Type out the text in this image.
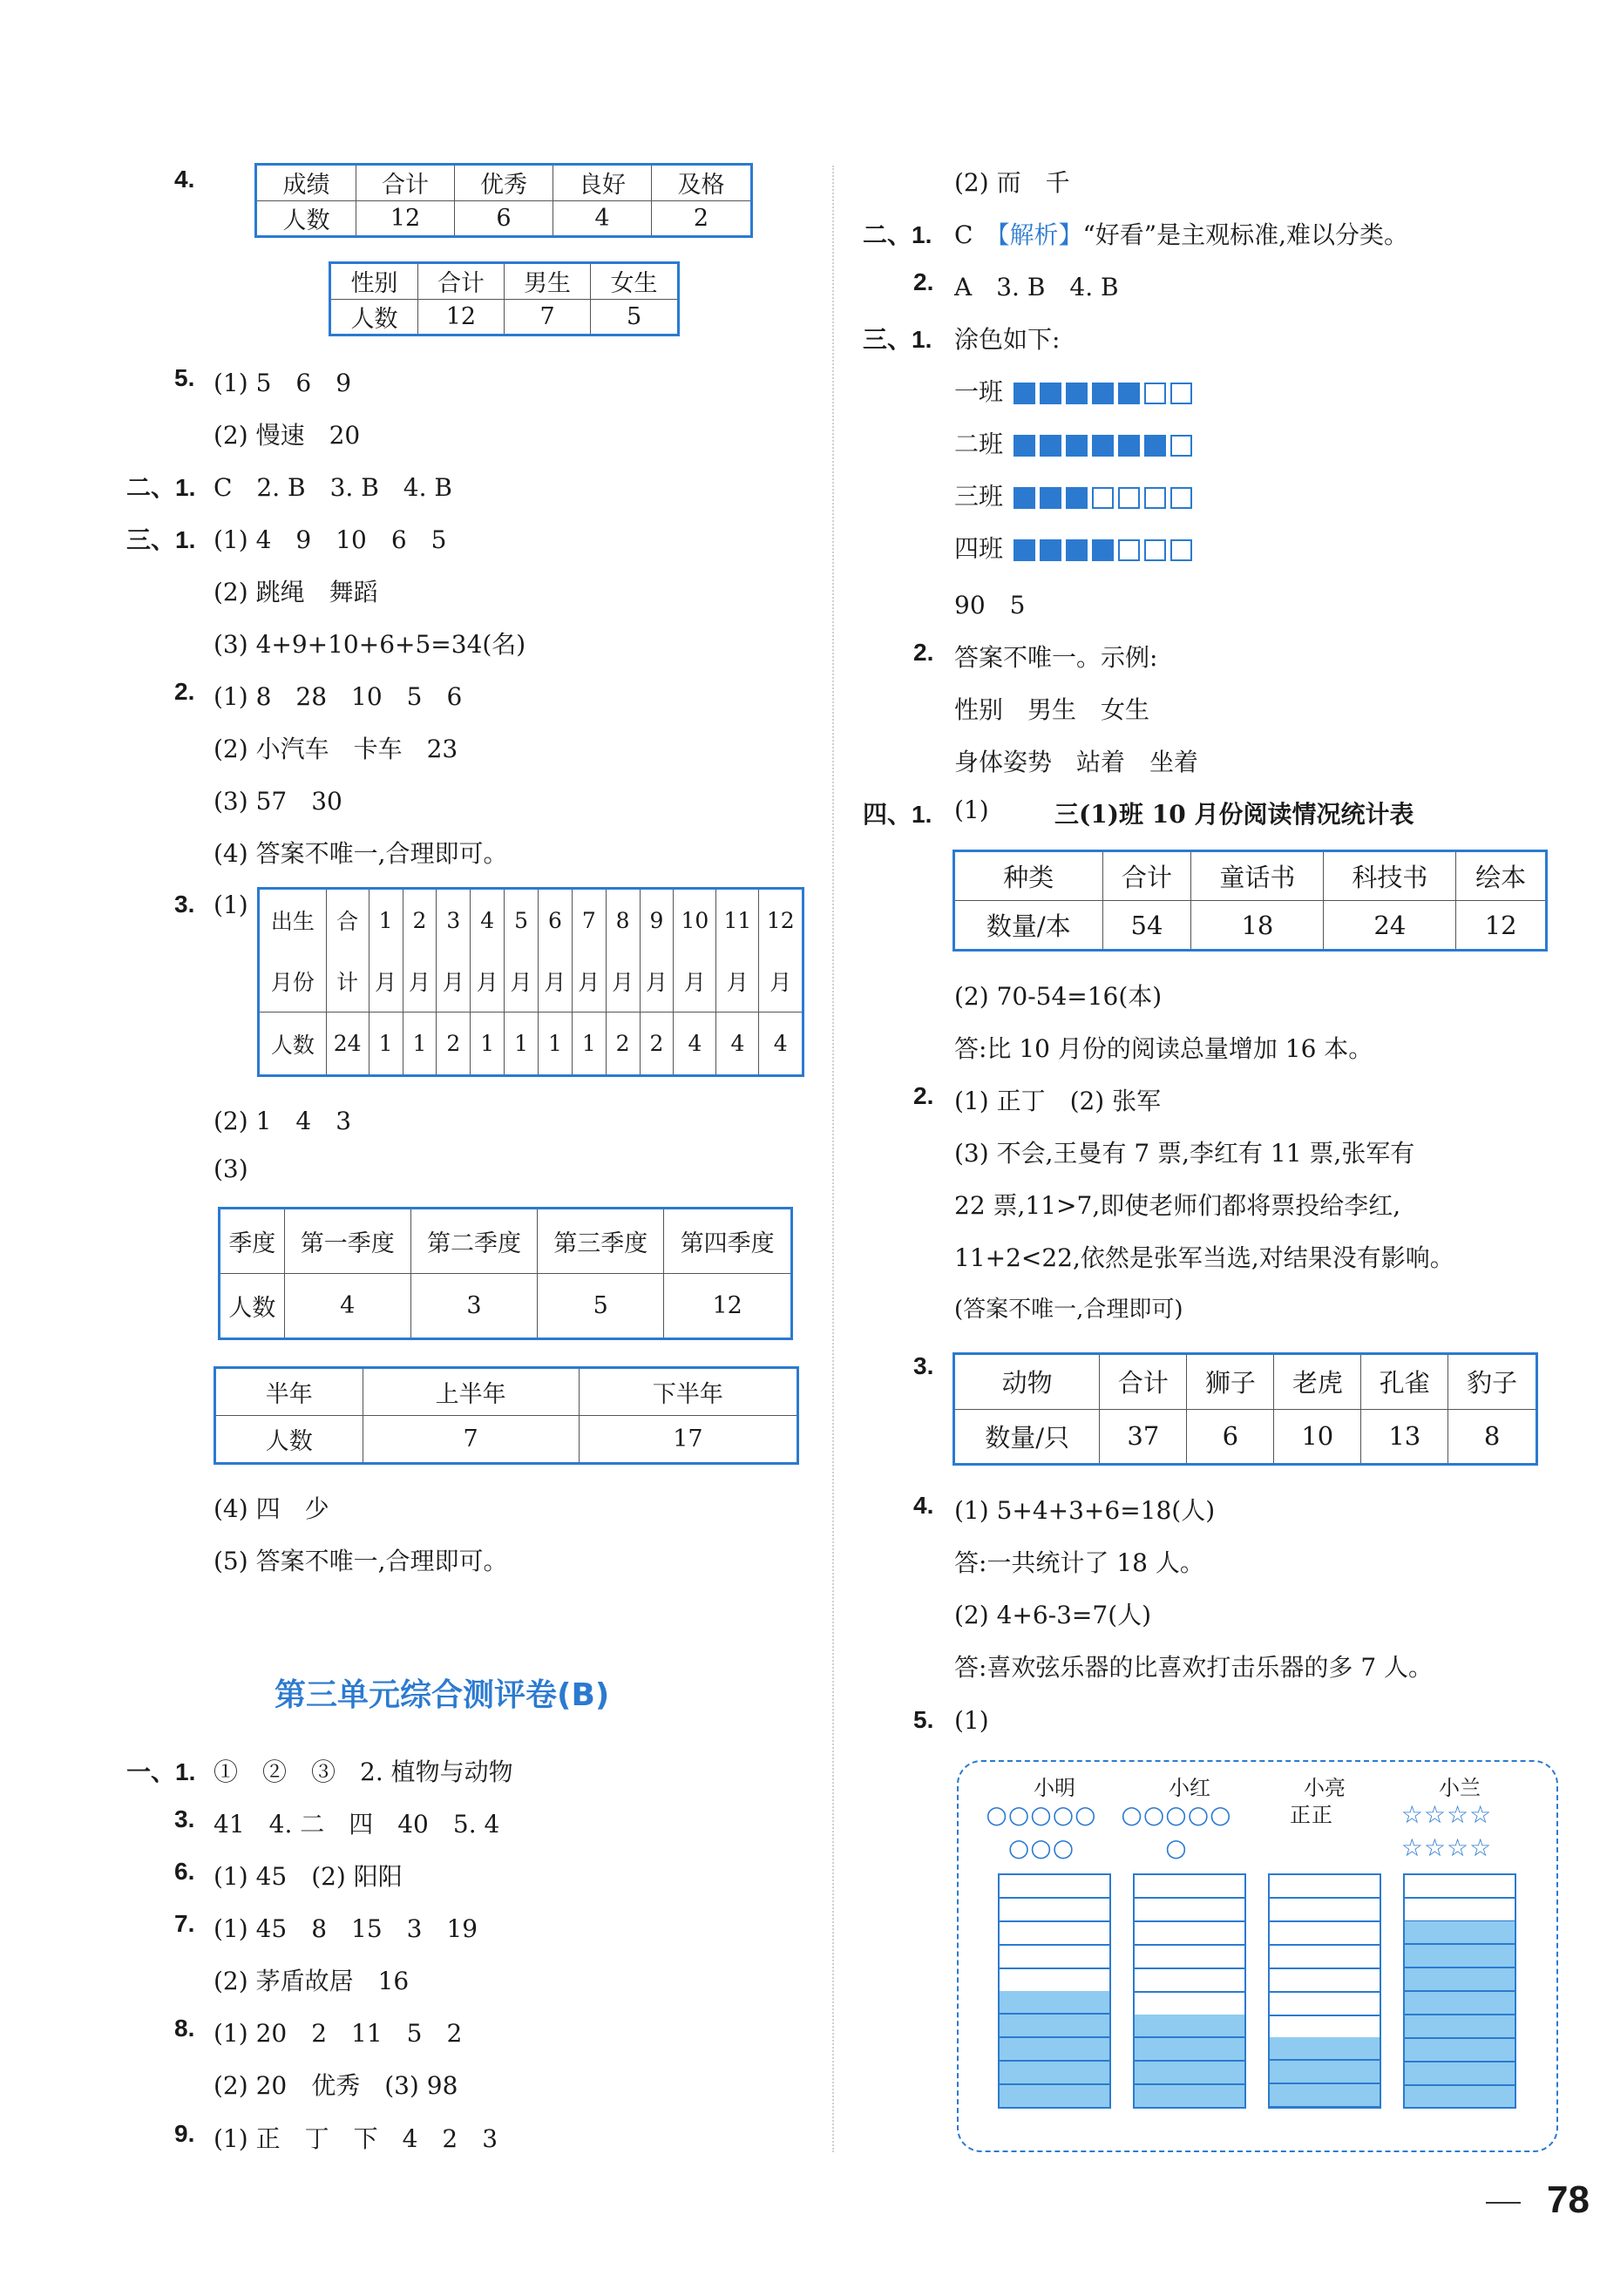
4.	成绩	合计	优秀	良好	及格
人数	12	6	4	2
性别	合计	男生	女生
人数	12	7	5
5. (1) 5　6　9
(2) 慢速　20
二、1. C　2. B　3. B　4. B
三、1. (1) 4　9　10　6　5
(2) 跳绳　舞蹈
(3) 4+9+10+6+5=34(名)
2. (1) 8　28　10　5　6
(2) 小汽车　卡车　23
(3) 57　30
(4) 答案不唯一,合理即可。
3. (1)
出生	合	1	2	3	4	5	6	7	8	9	10	11	12
月份	计	月	月	月	月	月	月	月	月	月	月	月	月
人数	24	1	1	2	1	1	1	1	2	2	4	4	4
(2) 1　4　3
(3)
季度	第一季度	第二季度	第三季度	第四季度
人数	4	3	5	12
半年	上半年	下半年
人数	7	17
(4) 四　少
(5) 答案不唯一,合理即可。
第三单元综合测评卷(B)
一、1. ①　②　③　2. 植物与动物
3. 41　4. 二　四　40　5. 4
6. (1) 45　(2) 阳阳
7. (1) 45　8　15　3　19
(2) 茅盾故居　16
8. (1) 20　2　11　5　2
(2) 20　优秀　(3) 98
9. (1) 正　丁　下　4　2　3
(2) 而　千
二、1. C　 【解析】“好看”是主观标准,难以分类。
2. A　3. B　4. B
三、1. 涂色如下:
一班
二班
三班
四班
90　5
2. 答案不唯一。示例:
性别　男生　女生
身体姿势　站着　坐着
四、1. (1)	三(1)班 10 月份阅读情况统计表
种类	合计	童话书	科技书	绘本
数量/本	54	18	24	12
(2) 70-54=16(本)
答:比 10 月份的阅读总量增加 16 本。
2. (1) 正丁　(2) 张军
(3) 不会,王曼有 7 票,李红有 11 票,张军有
22 票,11>7,即使老师们都将票投给李红,
11+2<22,依然是张军当选,对结果没有影响。
(答案不唯一,合理即可)
3.
动物	合计	狮子	老虎	孔雀	豹子
数量/只	37	6	10	13	8
4. (1) 5+4+3+6=18(人)
答:一共统计了 18 人。
(2) 4+6-3=7(人)
答:喜欢弦乐器的比喜欢打击乐器的多 7 人。
5. (1)
小明
○○○○○○○○
小红
○○○○○○
小亮
正正
小兰
☆☆☆☆☆☆☆☆
78
